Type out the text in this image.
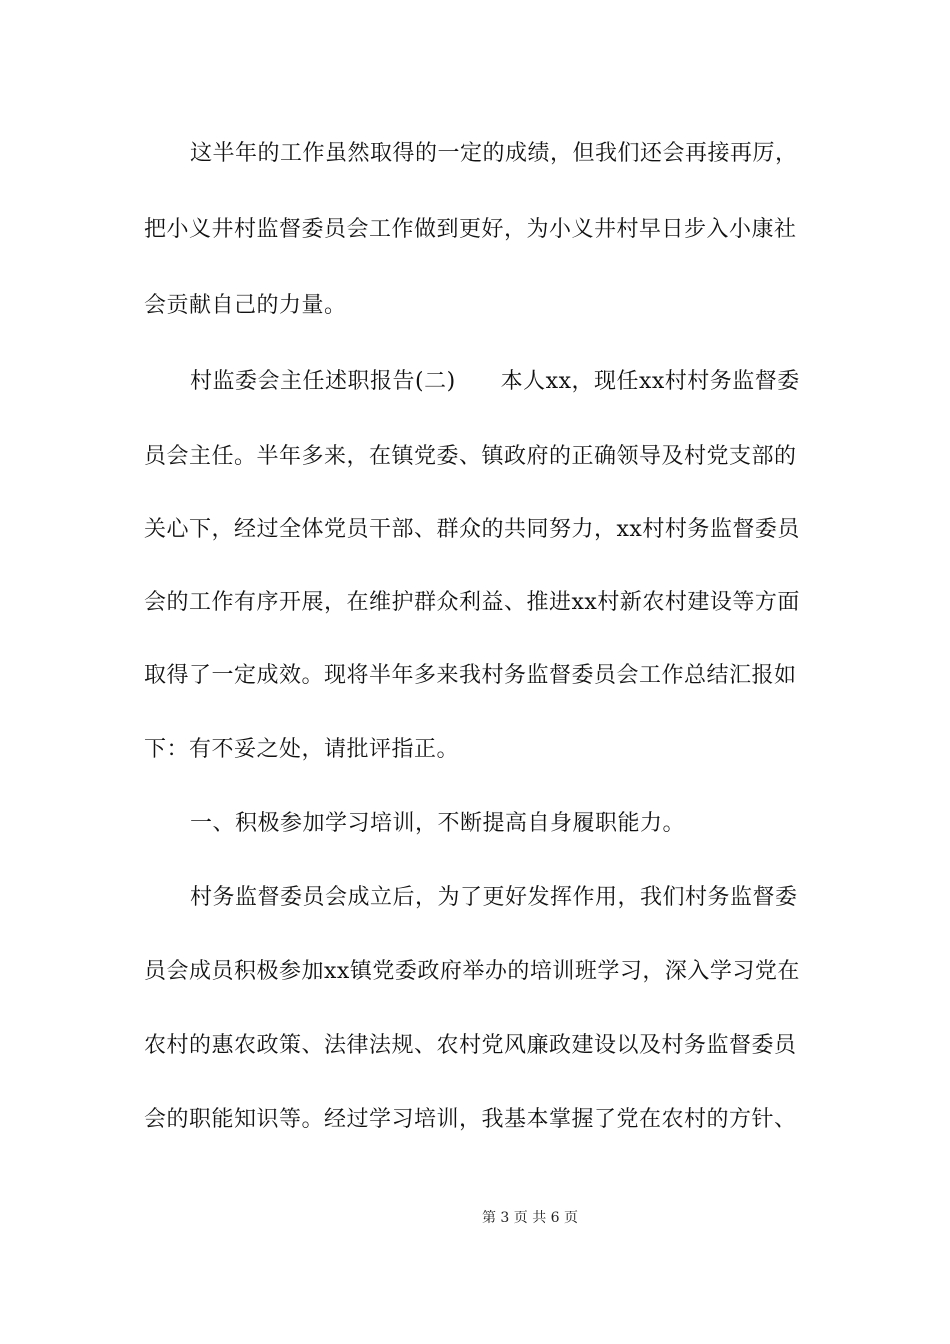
这半年的工作虽然取得的一定的成绩，但我们还会再接再厉，
把小义井村监督委员会工作做到更好，为小义井村早日步入小康社
会贡献自己的力量。
村监委会主任述职报告(二)　　本人xx，现任xx村村务监督委
员会主任。半年多来，在镇党委、镇政府的正确领导及村党支部的
关心下，经过全体党员干部、群众的共同努力，xx村村务监督委员
会的工作有序开展，在维护群众利益、推进xx村新农村建设等方面
取得了一定成效。现将半年多来我村务监督委员会工作总结汇报如
下：有不妥之处，请批评指正。
一、积极参加学习培训，不断提高自身履职能力。
村务监督委员会成立后，为了更好发挥作用，我们村务监督委
员会成员积极参加xx镇党委政府举办的培训班学习，深入学习党在
农村的惠农政策、法律法规、农村党风廉政建设以及村务监督委员
会的职能知识等。经过学习培训，我基本掌握了党在农村的方针、
第 3 页 共 6 页
